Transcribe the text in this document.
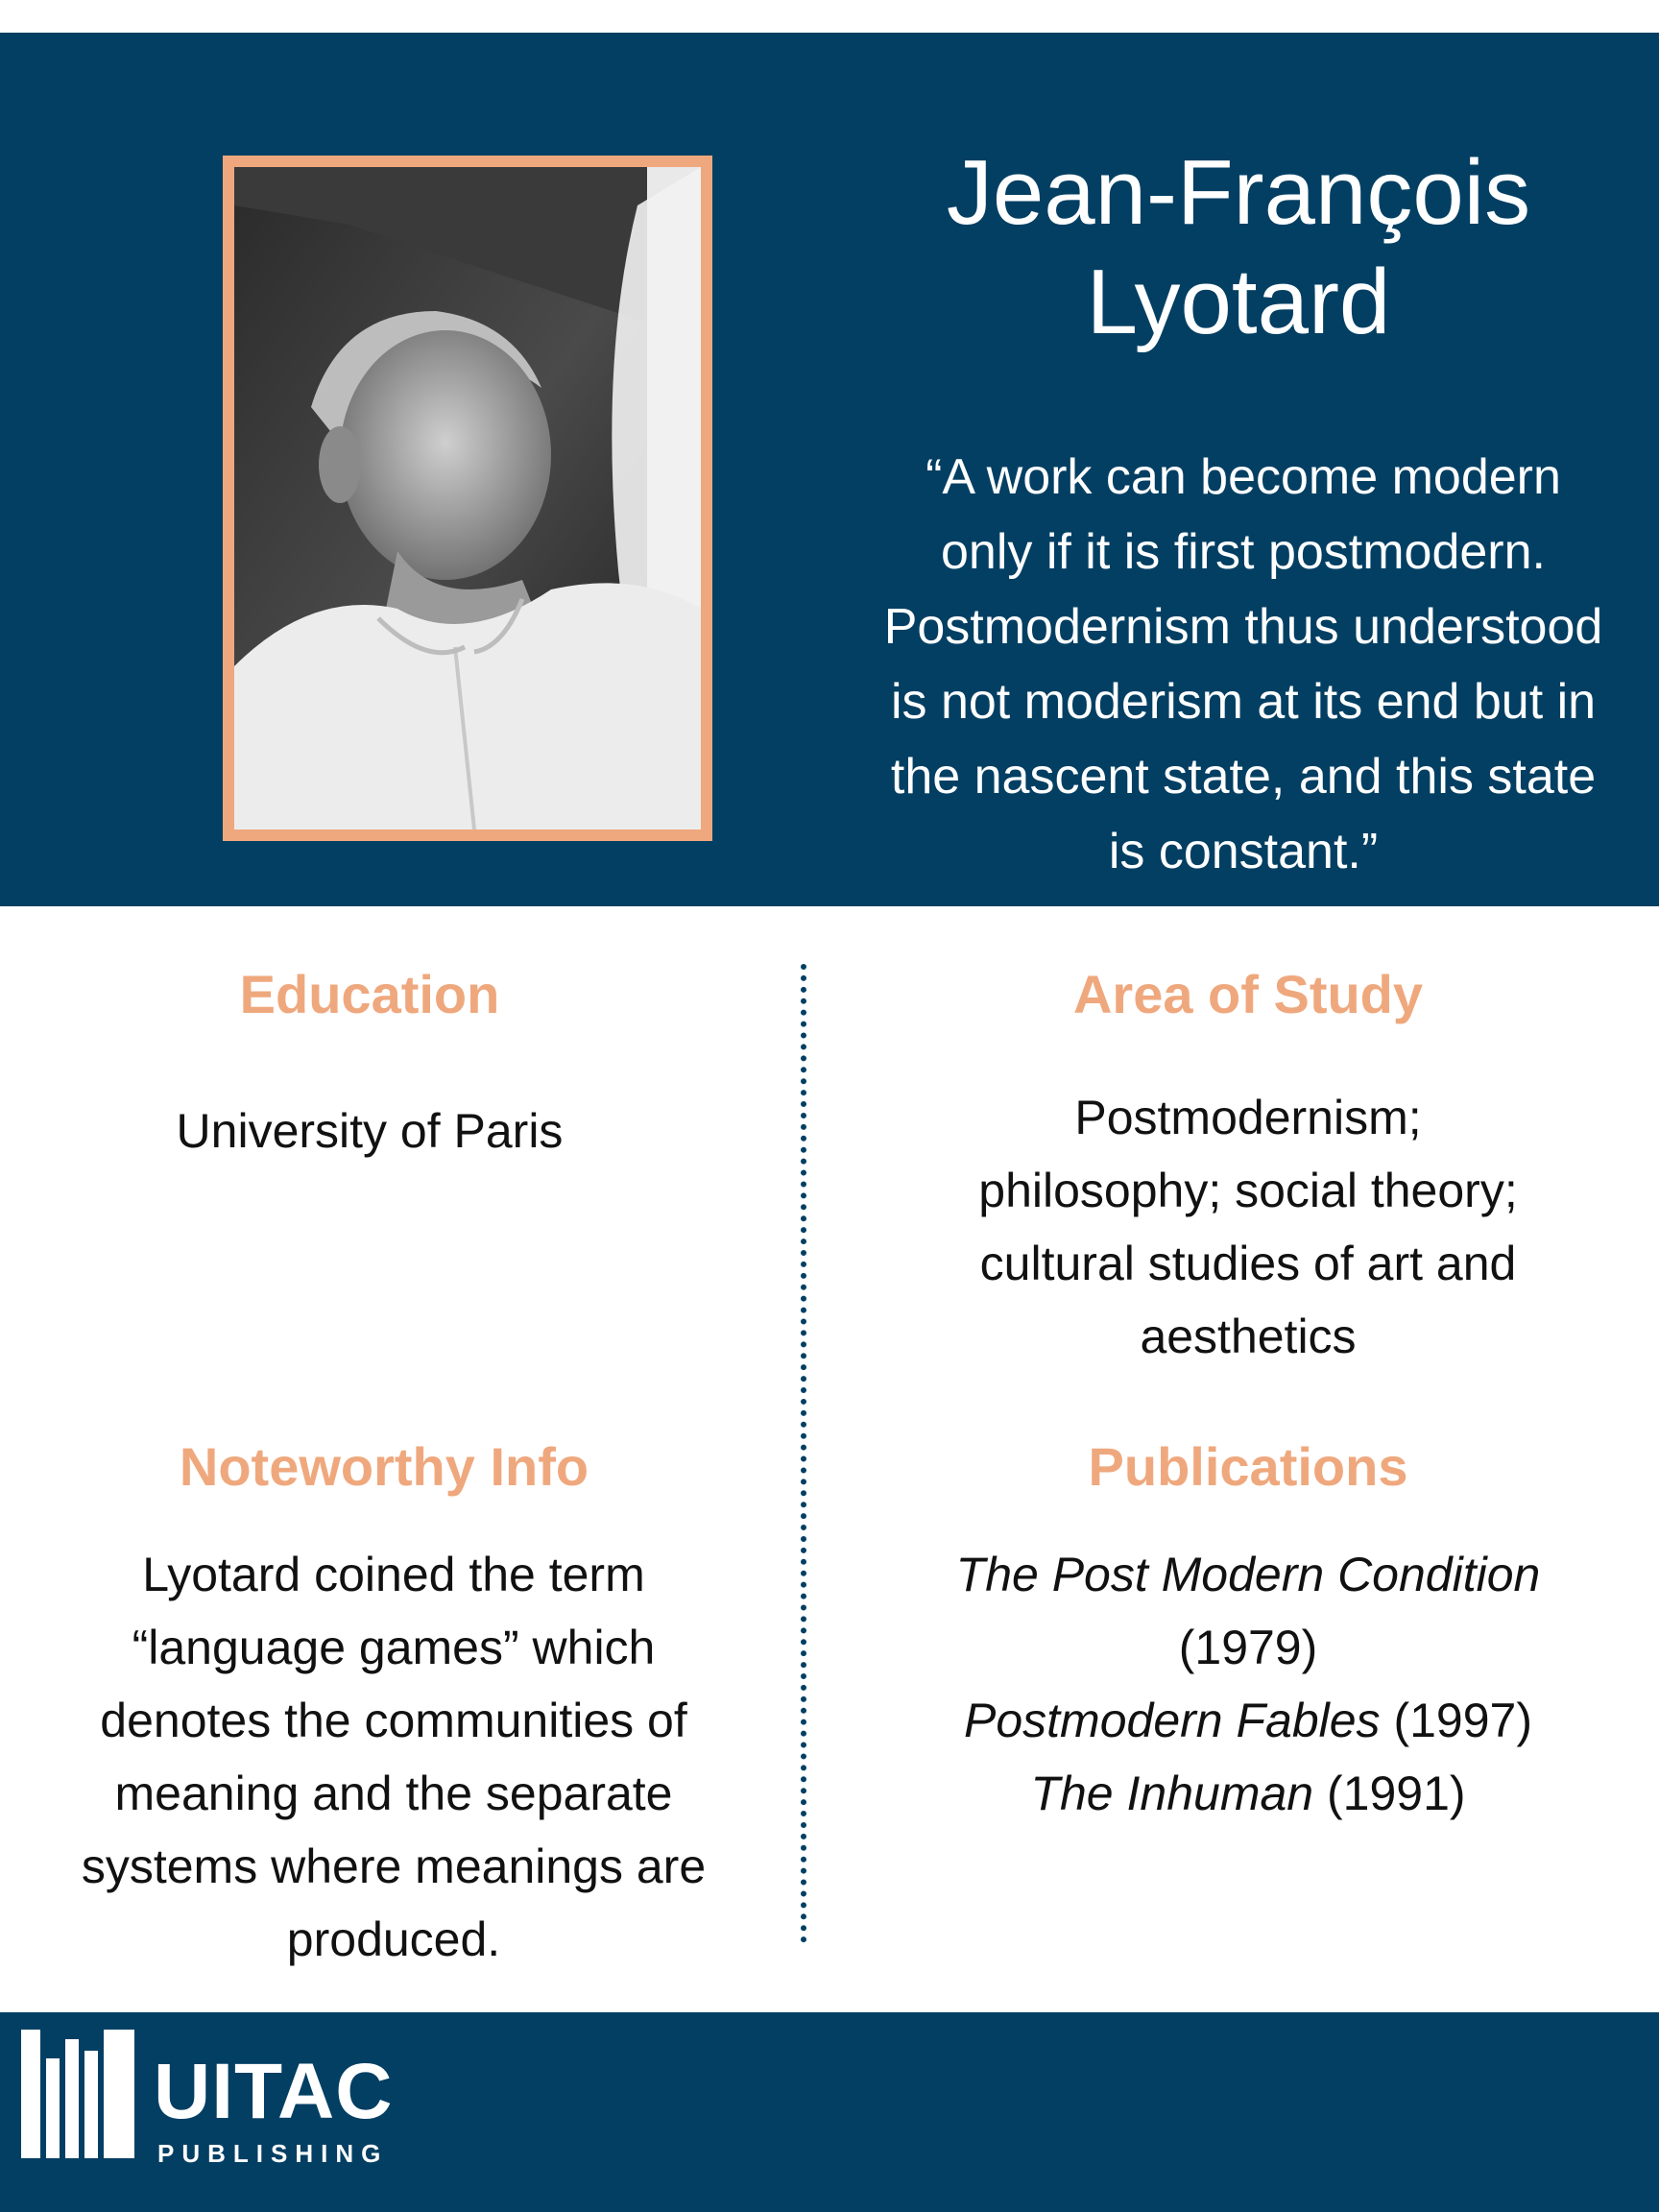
Jean-François
Lyotard

“A work can become modern
only if it is first postmodern.
Postmodernism thus understood
is not moderism at its end but in
the nascent state, and this state
is constant.”

Education

University of Paris

Area of Study

Postmodernism;
philosophy; social theory;
cultural studies of art and
aesthetics

Noteworthy Info

Lyotard coined the term
“language games” which
denotes the communities of
meaning and the separate
systems where meanings are
produced.

Publications
The Post Modern Condition
(1979)
Postmodern Fables (1997)
The Inhuman (1991)
UITAC
PUBLISHING
